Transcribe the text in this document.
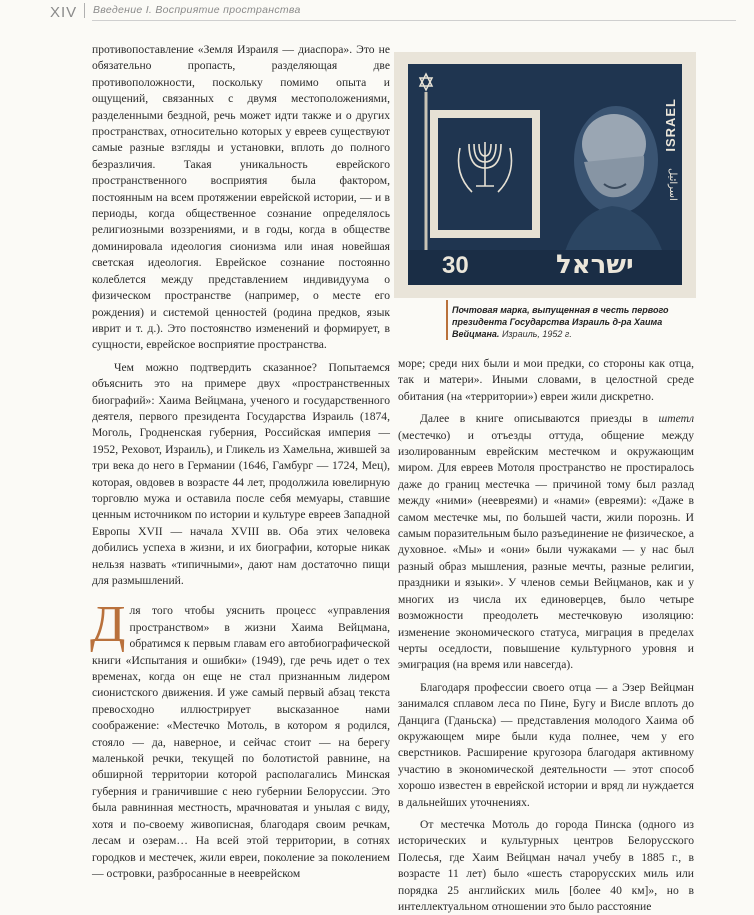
XIV Введение I. Восприятие пространства

противопоставление «Земля Израиля — диаспора». Это не обязательно пропасть, разделяющая две противоположности, поскольку помимо опыта и ощущений, связанных с двумя местоположениями, разделенными бездной, речь может идти также и о других пространствах, относительно которых у евреев существуют самые разные взгляды и установки, вплоть до полного безразличия. Такая уникальность еврейского пространственного восприятия была фактором, постоянным на всем протяжении еврейской истории, — и в периоды, когда общественное сознание определялось религиозными воззрениями, и в годы, когда в обществе доминировала идеология сионизма или иная новейшая светская идеология. Еврейское сознание постоянно колеблется между представлением индивидуума о физическом пространстве (например, о месте его рождения) и системой ценностей (родина предков, язык иврит и т. д.). Это постоянство изменений и формирует, в сущности, еврейское восприятие пространства.

Чем можно подтвердить сказанное? Попытаемся объяснить это на примере двух «пространственных биографий»: Хаима Вейцмана, ученого и государственного деятеля, первого президента Государства Израиль (1874, Моголь, Гродненская губерния, Российская империя — 1952, Реховот, Израиль), и Гликель из Хамельна, жившей за три века до него в Германии (1646, Гамбург — 1724, Мец), которая, овдовев в возрасте 44 лет, продолжила ювелирную торговлю мужа и оставила после себя мемуары, ставшие ценным источником по истории и культуре евреев Западной Европы XVII — начала XVIII вв. Оба этих человека добились успеха в жизни, и их биографии, которые никак нельзя назвать «типичными», дают нам достаточно пищи для размышлений.

Для того чтобы уяснить процесс «управления пространством» в жизни Хаима Вейцмана, обратимся к первым главам его автобиографической книги «Испытания и ошибки» (1949), где речь идет о тех временах, когда он еще не стал признанным лидером сионистского движения. И уже самый первый абзац текста превосходно иллюстрирует высказанное нами соображение: «Местечко Мотоль, в котором я родился, стояло — да, наверное, и сейчас стоит — на берегу маленькой речки, текущей по болотистой равнине, на обширной территории которой располагались Минская губерния и граничившие с нею губернии Белоруссии. Это была равнинная местность, мрачноватая и унылая с виду, хотя и по-своему живописная, благодаря своим речкам, лесам и озерам… На всей этой территории, в сотнях городков и местечек, жили евреи, поколение за поколением — островки, разбросанные в нееврейском

ISRAEL
اسرائيل
30	ישראל
Почтовая марка, выпущенная в честь первого президента Государства Израиль д-ра Хаима Вейцмана. Израиль, 1952 г.

море; среди них были и мои предки, со стороны как отца, так и матери». Иными словами, в целостной среде обитания (на «территории») евреи жили дискретно.

Далее в книге описываются приезды в штетл (местечко) и отъезды оттуда, общение между изолированным еврейским местечком и окружающим миром. Для евреев Мотоля пространство не простиралось даже до границ местечка — причиной тому был разлад между «ними» (неевреями) и «нами» (евреями): «Даже в самом местечке мы, по большей части, жили порознь. И самым поразительным было разъединение не физическое, а духовное. «Мы» и «они» были чужаками — у нас был разный образ мышления, разные мечты, разные религии, праздники и языки». У членов семьи Вейцманов, как и у многих из числа их единоверцев, было четыре возможности преодолеть местечковую изоляцию: изменение экономического статуса, миграция в пределах черты оседлости, повышение культурного уровня и эмиграция (на время или навсегда).

Благодаря профессии своего отца — а Эзер Вейцман занимался сплавом леса по Пине, Бугу и Висле вплоть до Данцига (Гданьска) — представления молодого Хаима об окружающем мире были куда полнее, чем у его сверстников. Расширение кругозора благодаря активному участию в экономической деятельности — этот способ хорошо известен в еврейской истории и вряд ли нуждается в дальнейших уточнениях.

От местечка Мотоль до города Пинска (одного из исторических и культурных центров Белорусского Полесья, где Хаим Вейцман начал учебу в 1885 г., в возрасте 11 лет) было «шесть старорусских миль или порядка 25 английских миль [более 40 км]», но в интеллектуальном отношении это было расстояние
